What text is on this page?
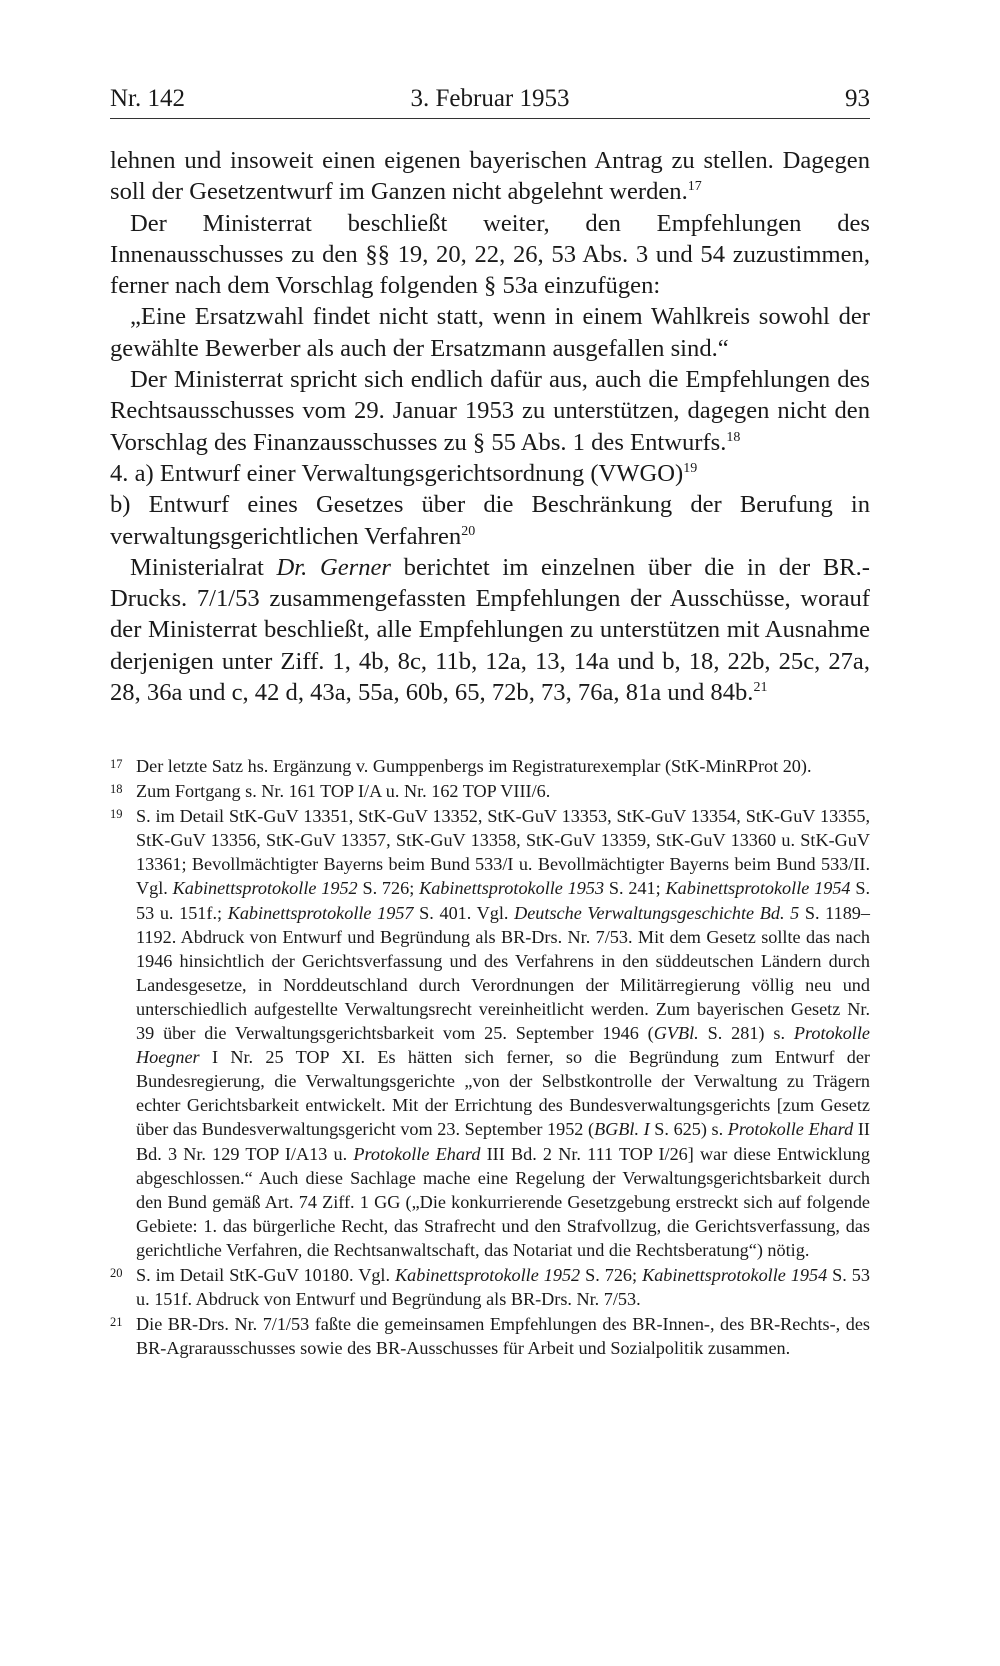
Nr. 142	3. Februar 1953	93

lehnen und insoweit einen eigenen bayerischen Antrag zu stellen. Dagegen soll der Gesetzentwurf im Ganzen nicht abgelehnt werden.$^{17}$

Der Ministerrat beschließt weiter, den Empfehlungen des Innenausschusses zu den §§ 19, 20, 22, 26, 53 Abs. 3 und 54 zuzustimmen, ferner nach dem Vorschlag folgenden § 53a einzufügen:

„Eine Ersatzwahl findet nicht statt, wenn in einem Wahlkreis sowohl der gewählte Bewerber als auch der Ersatzmann ausgefallen sind.“

Der Ministerrat spricht sich endlich dafür aus, auch die Empfehlungen des Rechtsausschusses vom 29. Januar 1953 zu unterstützen, dagegen nicht den Vorschlag des Finanzausschusses zu § 55 Abs. 1 des Entwurfs.$^{18}$

4. a) Entwurf einer Verwaltungsgerichtsordnung (VWGO)$^{19}$

b) Entwurf eines Gesetzes über die Beschränkung der Berufung in verwaltungsgerichtlichen Verfahren$^{20}$

Ministerialrat Dr. Gerner berichtet im einzelnen über die in der BR.-Drucks. 7/1/53 zusammengefassten Empfehlungen der Ausschüsse, worauf der Ministerrat beschließt, alle Empfehlungen zu unterstützen mit Ausnahme derjenigen unter Ziff. 1, 4b, 8c, 11b, 12a, 13, 14a und b, 18, 22b, 25c, 27a, 28, 36a und c, 42 d, 43a, 55a, 60b, 65, 72b, 73, 76a, 81a und 84b.$^{21}$

17 Der letzte Satz hs. Ergänzung v. Gumppenbergs im Registraturexemplar (StK-MinRProt 20).
18 Zum Fortgang s. Nr. 161 TOP I/A u. Nr. 162 TOP VIII/6.
19 S. im Detail StK-GuV 13351, StK-GuV 13352, StK-GuV 13353, StK-GuV 13354, StK-GuV 13355, StK-GuV 13356, StK-GuV 13357, StK-GuV 13358, StK-GuV 13359, StK-GuV 13360 u. StK-GuV 13361; Bevollmächtigter Bayerns beim Bund 533/I u. Bevollmächtigter Bayerns beim Bund 533/II. Vgl. Kabinettsprotokolle 1952 S. 726; Kabinettsprotokolle 1953 S. 241; Kabinettsprotokolle 1954 S. 53 u. 151f.; Kabinettsprotokolle 1957 S. 401. Vgl. Deutsche Verwaltungsgeschichte Bd. 5 S. 1189–1192. Abdruck von Entwurf und Begründung als BR-Drs. Nr. 7/53. Mit dem Gesetz sollte das nach 1946 hinsichtlich der Gerichtsverfassung und des Verfahrens in den süddeutschen Ländern durch Landesgesetze, in Norddeutschland durch Verordnungen der Militärregierung völlig neu und unterschiedlich aufgestellte Verwaltungsrecht vereinheitlicht werden. Zum bayerischen Gesetz Nr. 39 über die Verwaltungsgerichtsbarkeit vom 25. September 1946 (GVBl. S. 281) s. Protokolle Hoegner I Nr. 25 TOP XI. Es hätten sich ferner, so die Begründung zum Entwurf der Bundesregierung, die Verwaltungsgerichte „von der Selbstkontrolle der Verwaltung zu Trägern echter Gerichtsbarkeit entwickelt. Mit der Errichtung des Bundesverwaltungsgerichts [zum Gesetz über das Bundesverwaltungsgericht vom 23. September 1952 (BGBl. I S. 625) s. Protokolle Ehard II Bd. 3 Nr. 129 TOP I/A13 u. Protokolle Ehard III Bd. 2 Nr. 111 TOP I/26] war diese Entwicklung abgeschlossen.“ Auch diese Sachlage mache eine Regelung der Verwaltungsgerichtsbarkeit durch den Bund gemäß Art. 74 Ziff. 1 GG („Die konkurrierende Gesetzgebung erstreckt sich auf folgende Gebiete: 1. das bürgerliche Recht, das Strafrecht und den Strafvollzug, die Gerichtsverfassung, das gerichtliche Verfahren, die Rechtsanwaltschaft, das Notariat und die Rechtsberatung“) nötig.
20 S. im Detail StK-GuV 10180. Vgl. Kabinettsprotokolle 1952 S. 726; Kabinettsprotokolle 1954 S. 53 u. 151f. Abdruck von Entwurf und Begründung als BR-Drs. Nr. 7/53.
21 Die BR-Drs. Nr. 7/1/53 faßte die gemeinsamen Empfehlungen des BR-Innen-, des BR-Rechts-, des BR-Agrarausschusses sowie des BR-Ausschusses für Arbeit und Sozialpolitik zusammen.
